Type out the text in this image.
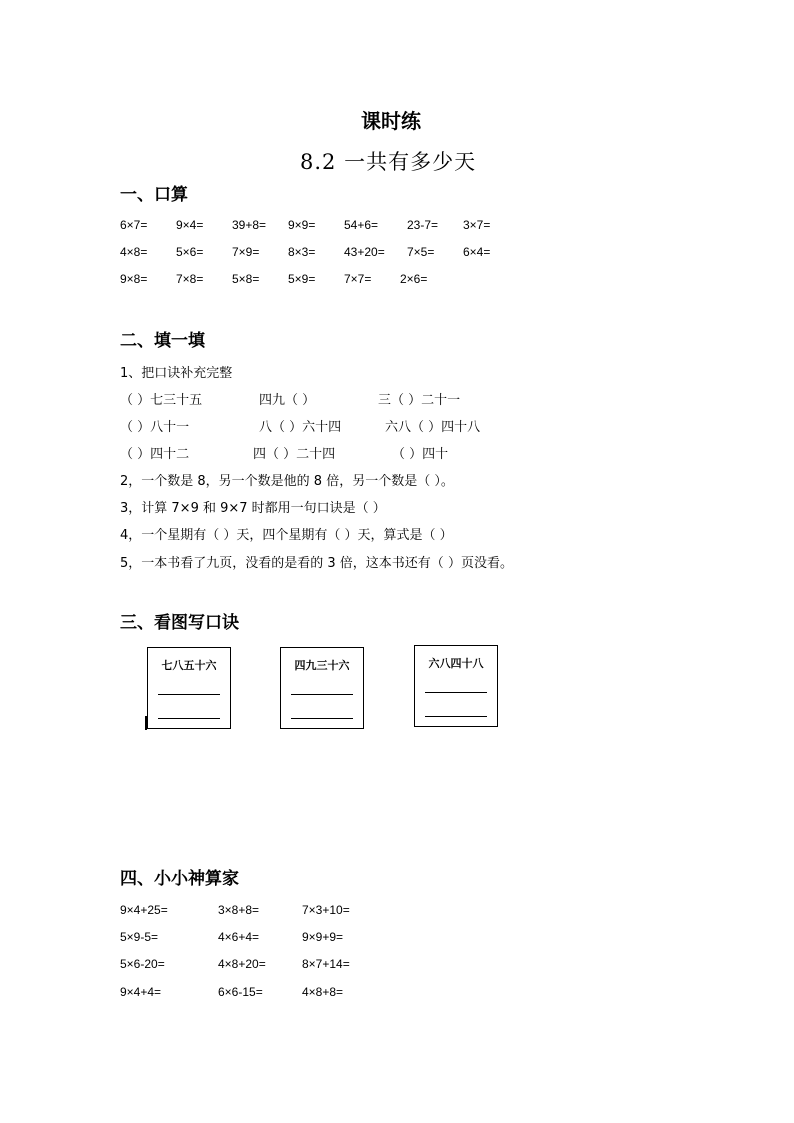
课时练
8.2 一共有多少天
一、口算
6×7= 9×4= 39+8= 9×9= 54+6= 23-7= 3×7=
4×8= 5×6= 7×9= 8×3= 43+20= 7×5= 6×4=
9×8= 7×8= 5×8= 5×9= 7×7= 2×6=
二、填一填
1、把口诀补充完整
（ ）七三十五	四九（ ）	三（ ）二十一
（ ）八十一	八（ ）六十四	六八（ ）四十八
（ ）四十二	四（ ）二十四	（ ）四十
2，一个数是 8，另一个数是他的 8 倍，另一个数是（ ）。
3，计算 7×9 和 9×7 时都用一句口诀是（ ）
4，一个星期有（ ）天，四个星期有（ ）天，算式是（ ）
5，一本书看了九页，没看的是看的 3 倍，这本书还有（ ）页没看。
三、看图写口诀
七八五十六	四九三十六	六八四十八
四、小小神算家
9×4+25=	3×8+8=	7×3+10=
5×9-5=	4×6+4=	9×9+9=
5×6-20=	4×8+20=	8×7+14=
9×4+4=	6×6-15=	4×8+8=
